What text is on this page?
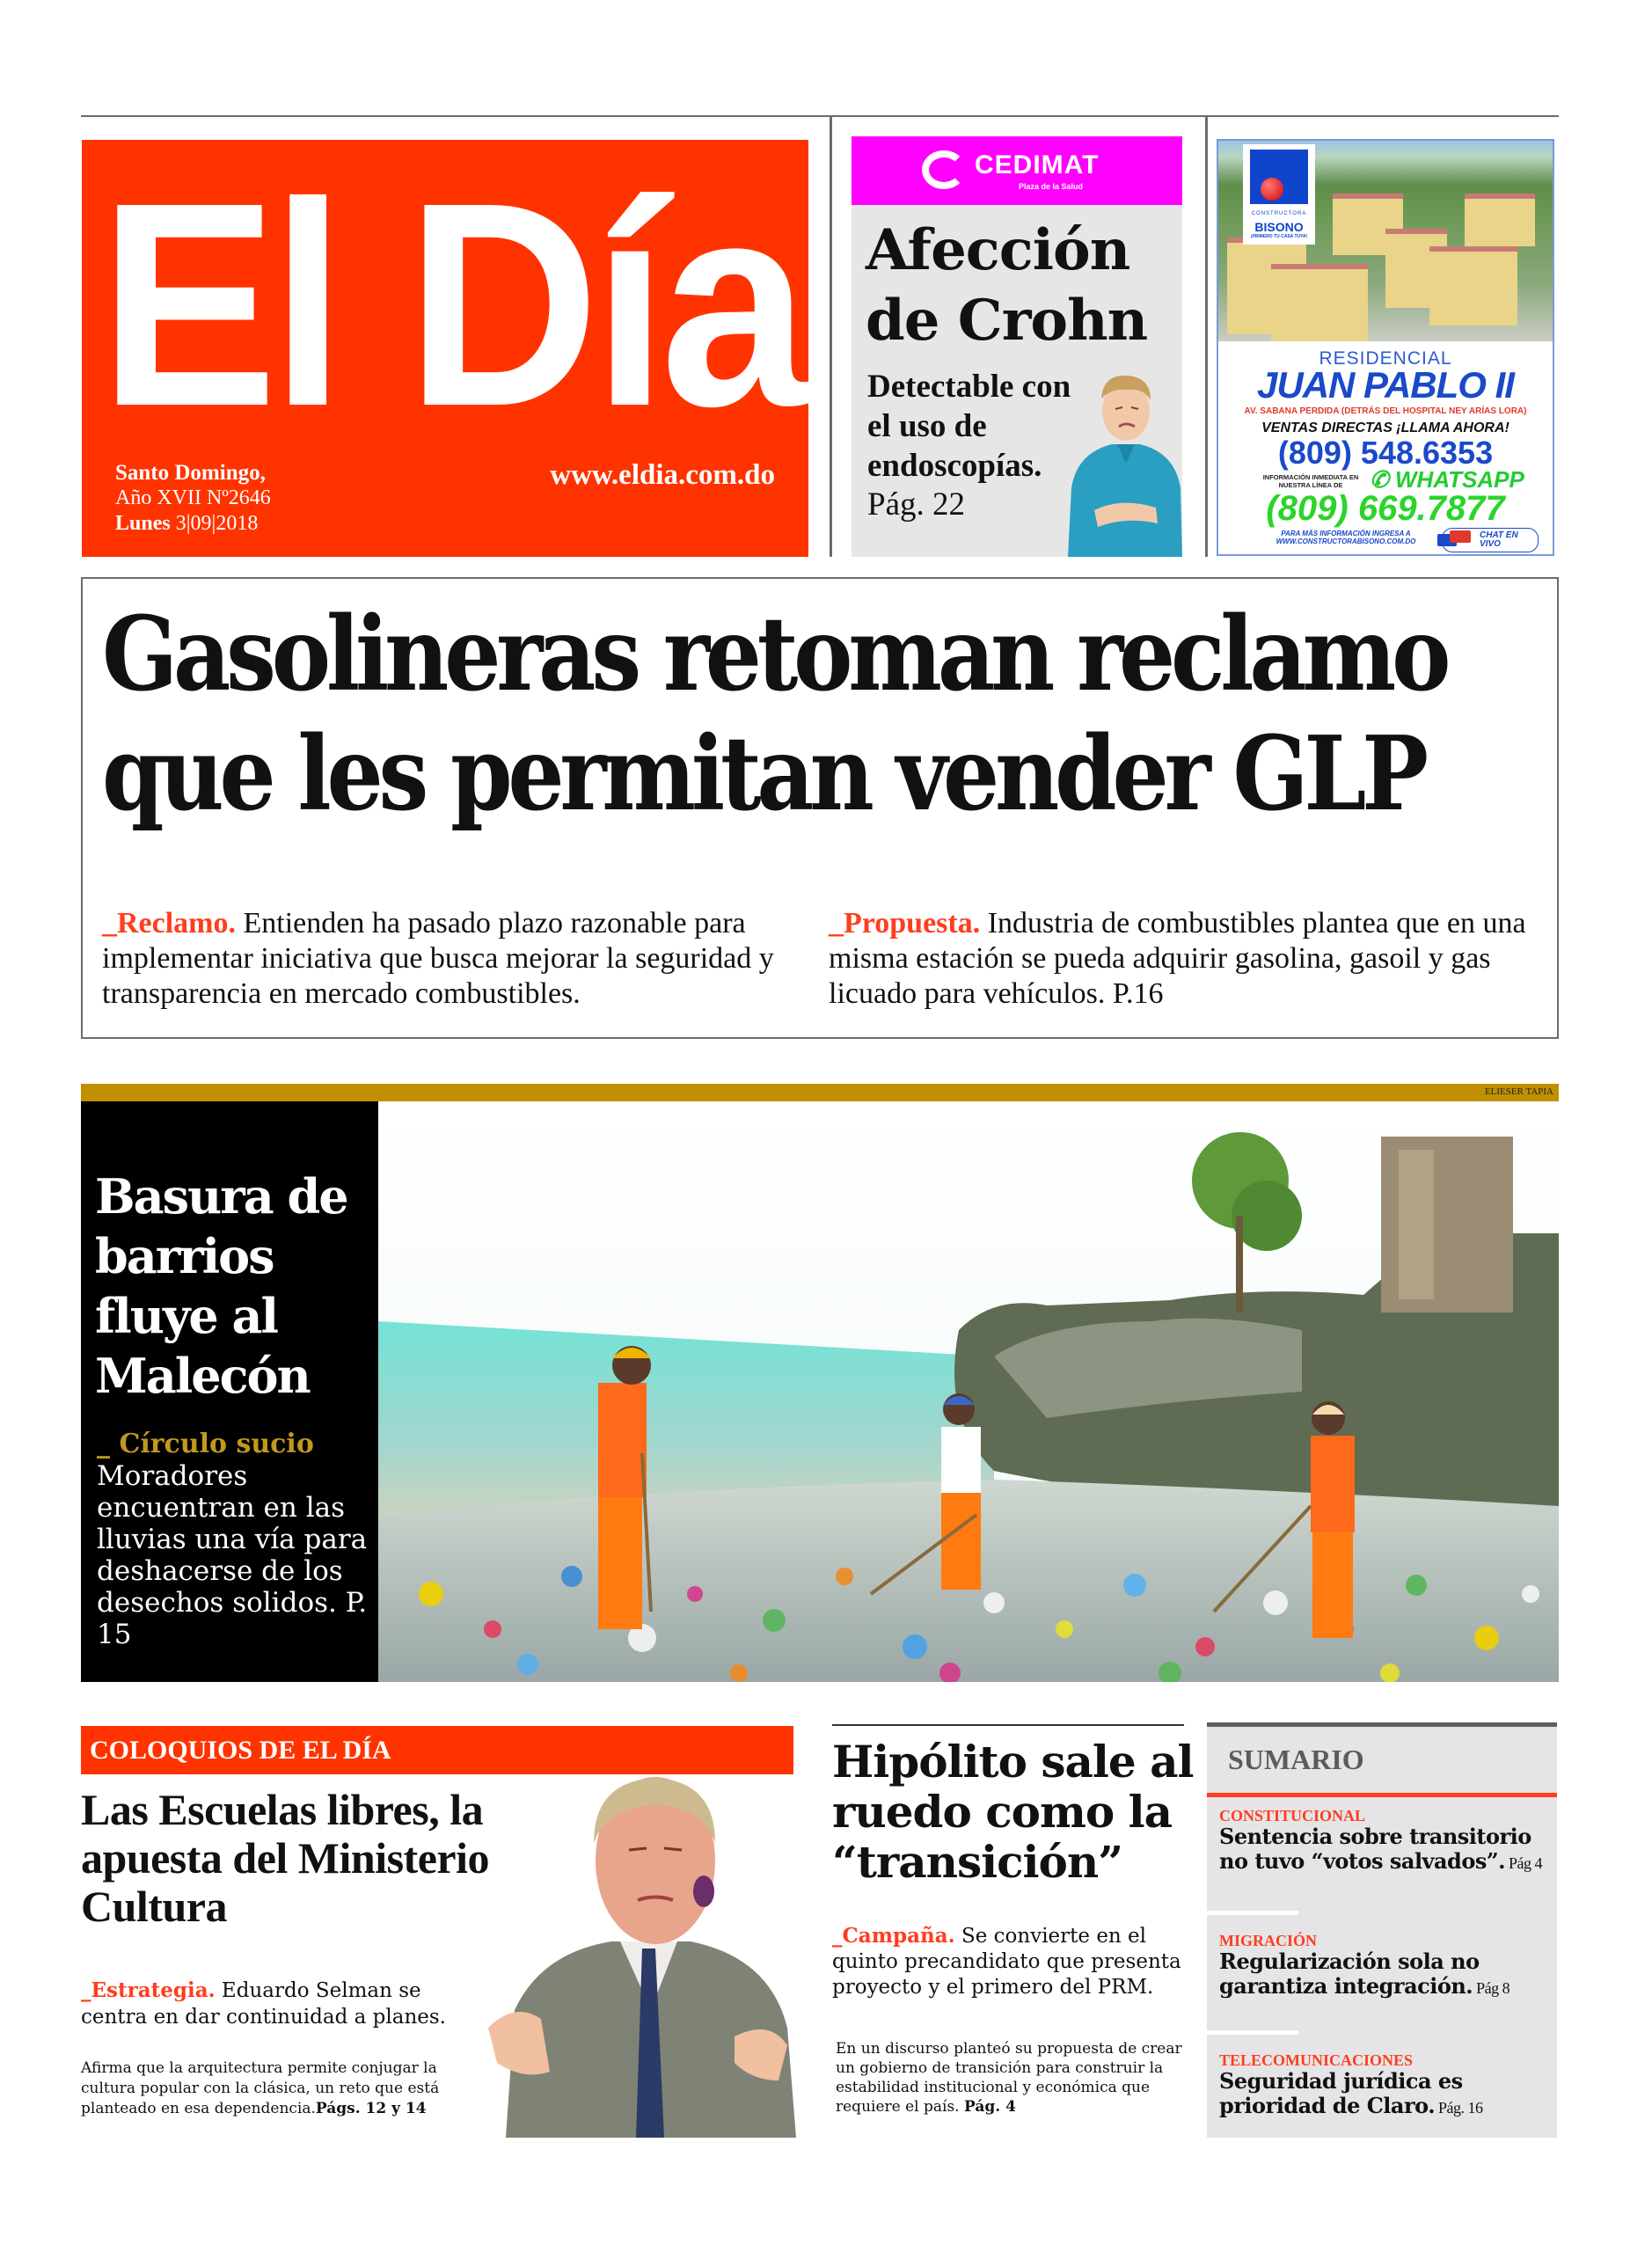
El Día
Santo Domingo,
Año XVII Nº2646
Lunes 3|09|2018
www.eldia.com.do
CEDIMAT
Plaza de la Salud
Afección de Crohn
Detectable con el uso de endoscopías.
Pág. 22
CONSTRUCTORA
BISONO
¡PRIMERO TU CASA TUYA!
RESIDENCIAL
JUAN PABLO II
AV. SABANA PERDIDA (DETRÁS DEL HOSPITAL NEY ARÍAS LORA)
VENTAS DIRECTAS ¡LLAMA AHORA!
(809) 548.6353
INFORMACIÓN INMEDIATA EN NUESTRA LÍNEA DE	✆ WHATSAPP
(809) 669.7877
PARA MÁS INFORMACIÓN INGRESA A WWW.CONSTRUCTORABISONO.COM.DO
CHAT EN VIVO
Gasolineras retoman reclamo
que les permitan vender GLP
_Reclamo. Entienden ha pasado plazo razonable para implementar iniciativa que busca mejorar la seguridad y transparencia en mercado combustibles.
_Propuesta. Industria de combustibles plantea que en una misma estación se pueda adquirir gasolina, gasoil y gas licuado para vehículos. P.16
ELIESER TAPIA
Basura de barrios fluye al Malecón
_ Círculo sucio
Moradores encuentran en las lluvias una vía para deshacerse de los desechos solidos. P. 15
COLOQUIOS DE EL DÍA
Las Escuelas libres, la apuesta del Ministerio Cultura
_Estrategia. Eduardo Selman se centra en dar continuidad a planes.
Afirma que la arquitectura permite conjugar la cultura popular con la clásica, un reto que está planteado en esa dependencia.Págs. 12 y 14
Hipólito sale al ruedo como la “transición”
_Campaña. Se convierte en el quinto precandidato que presenta proyecto y el primero del PRM.
En un discurso planteó su propuesta de crear un gobierno de transición para construir la estabilidad institucional y económica que requiere el país. Pág. 4
SUMARIO
CONSTITUCIONAL
Sentencia sobre transitorio no tuvo “votos salvados”. Pág 4
MIGRACIÓN
Regularización sola no garantiza integración. Pág 8
TELECOMUNICACIONES
Seguridad jurídica es prioridad de Claro. Pág. 16
